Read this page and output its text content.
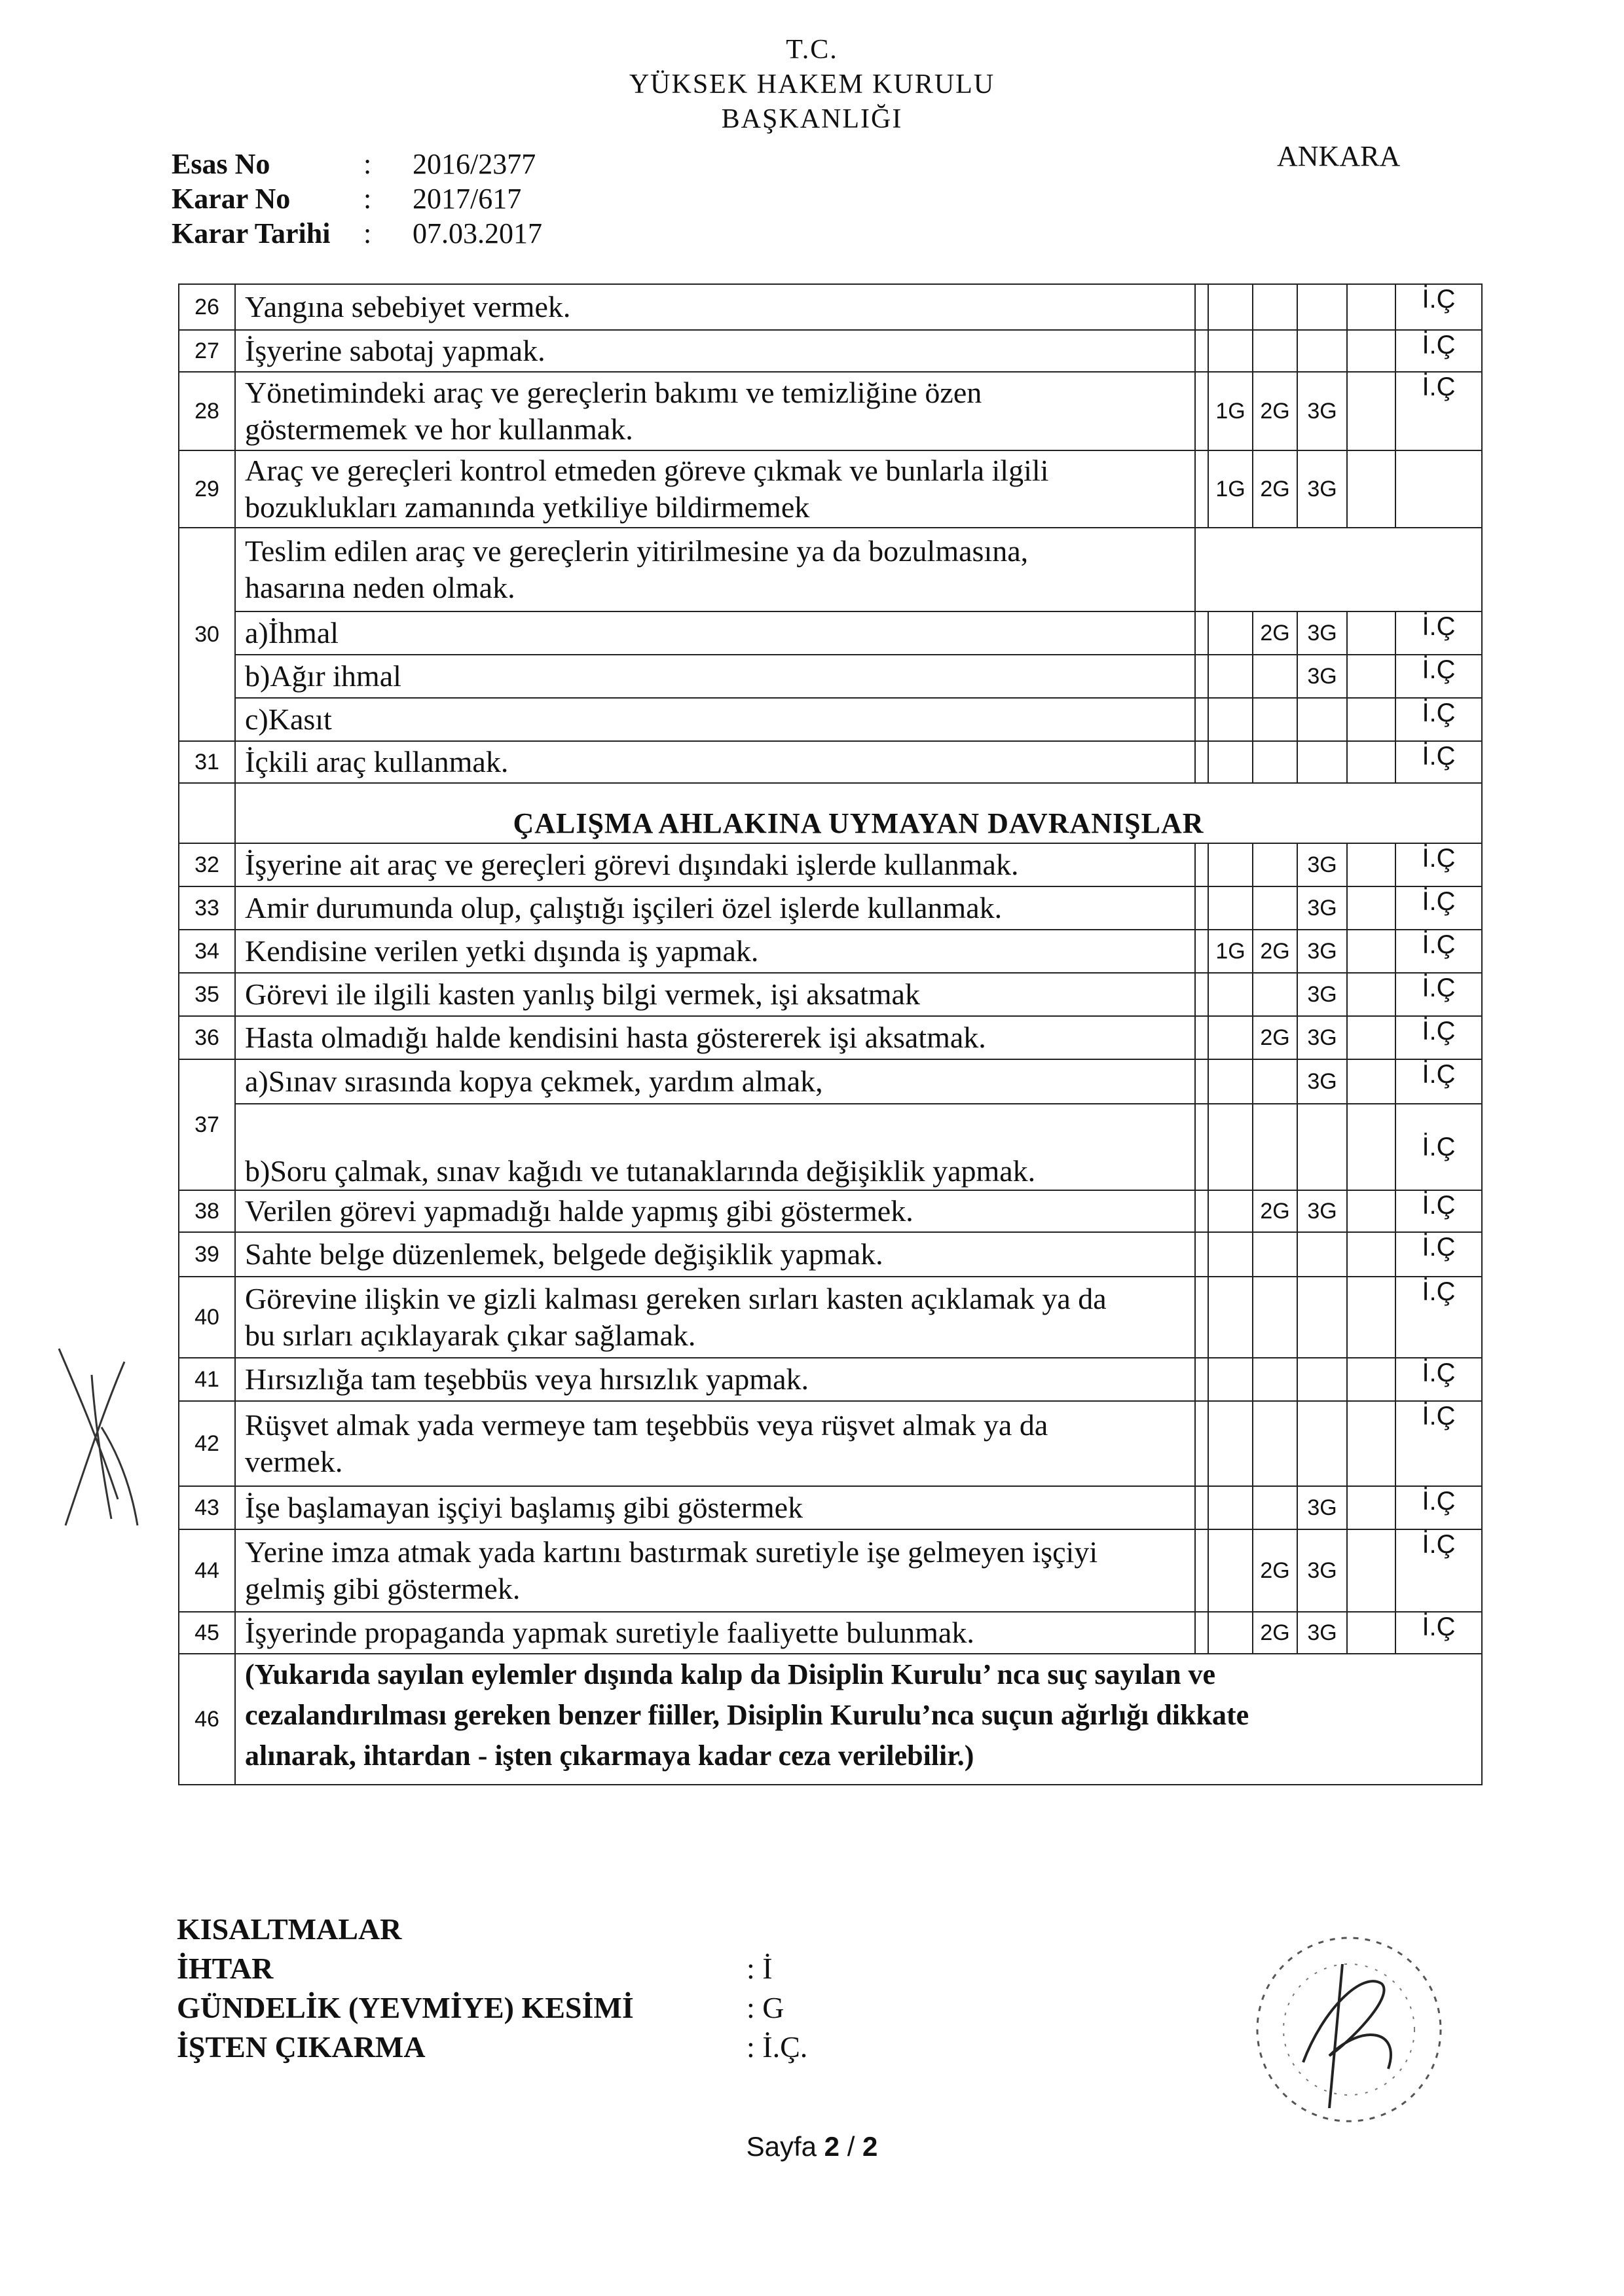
T.C.
YÜKSEK HAKEM KURULU
BAŞKANLIĞI
ANKARA
Esas No	: 2016/2377
Karar No	: 2017/617
Karar Tarihi : 07.03.2017
26	Yangına sebebiyet vermek.						İ.Ç
27	İşyerine sabotaj yapmak.						İ.Ç
28	Yönetimindeki araç ve gereçlerin bakımı ve temizliğine özen
göstermemek ve hor kullanmak.		1G	2G	3G		İ.Ç
29	Araç ve gereçleri kontrol etmeden göreve çıkmak ve bunlarla ilgili
bozuklukları zamanında yetkiliye bildirmemek		1G	2G	3G		
30	Teslim edilen araç ve gereçlerin yitirilmesine ya da bozulmasına,
hasarına neden olmak.						

	a)İhmal			2G	3G		İ.Ç
	b)Ağır ihmal				3G		İ.Ç
	c)Kasıt						İ.Ç
31	İçkili araç kullanmak.						İ.Ç
	ÇALIŞMA AHLAKINA UYMAYAN DAVRANIŞLAR						
32	İşyerine ait araç ve gereçleri görevi dışındaki işlerde kullanmak.				3G		İ.Ç
33	Amir durumunda olup, çalıştığı işçileri özel işlerde kullanmak.				3G		İ.Ç
34	Kendisine verilen yetki dışında iş yapmak.		1G	2G	3G		İ.Ç
35	Görevi ile ilgili kasten yanlış bilgi vermek, işi aksatmak				3G		İ.Ç
36	Hasta olmadığı halde kendisini hasta göstererek işi aksatmak.			2G	3G		İ.Ç
37	a)Sınav sırasında kopya çekmek, yardım almak,				3G		İ.Ç
	b)Soru çalmak, sınav kağıdı ve tutanaklarında değişiklik yapmak.						İ.Ç
38	Verilen görevi yapmadığı halde yapmış gibi göstermek.			2G	3G		İ.Ç
39	Sahte belge düzenlemek, belgede değişiklik yapmak.						İ.Ç
40	Görevine ilişkin ve gizli kalması gereken sırları kasten açıklamak ya da
bu sırları açıklayarak çıkar sağlamak.						İ.Ç
41	Hırsızlığa tam teşebbüs veya hırsızlık yapmak.						İ.Ç
42	Rüşvet almak yada vermeye tam teşebbüs veya rüşvet almak ya da
vermek.						İ.Ç
43	İşe başlamayan işçiyi başlamış gibi göstermek				3G		İ.Ç
44	Yerine imza atmak yada kartını bastırmak suretiyle işe gelmeyen işçiyi
gelmiş gibi göstermek.			2G	3G		İ.Ç
45	İşyerinde propaganda yapmak suretiyle faaliyette bulunmak.			2G	3G		İ.Ç
46	(Yukarıda sayılan eylemler dışında kalıp da Disiplin Kurulu’ nca suç sayılan ve
cezalandırılması gereken benzer fiiller, Disiplin Kurulu’nca suçun ağırlığı dikkate
alınarak, ihtardan - işten çıkarmaya kadar ceza verilebilir.)						
KISALTMALAR
İHTAR	: İ
GÜNDELİK (YEVMİYE) KESİMİ	: G
İŞTEN ÇIKARMA	: İ.Ç.
Sayfa 2 / 2
